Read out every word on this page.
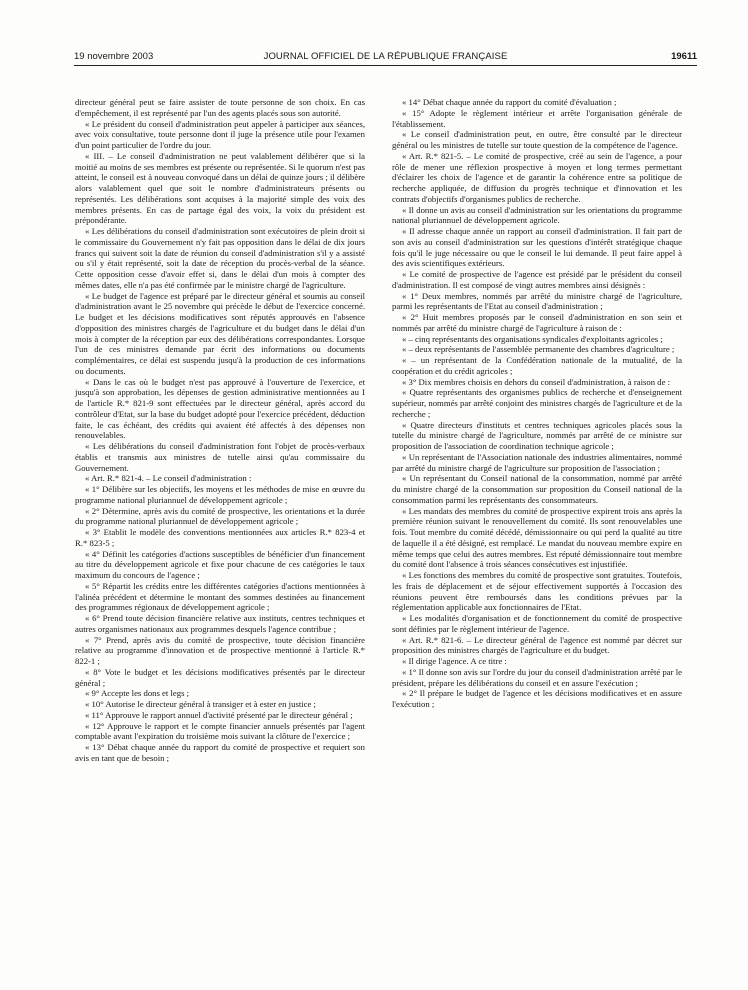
19 novembre 2003	JOURNAL OFFICIEL DE LA RÉPUBLIQUE FRANÇAISE	19611

directeur général peut se faire assister de toute personne de son choix. En cas d'empêchement, il est représenté par l'un des agents placés sous son autorité.

« Le président du conseil d'administration peut appeler à participer aux séances, avec voix consultative, toute personne dont il juge la présence utile pour l'examen d'un point particulier de l'ordre du jour.

« III. – Le conseil d'administration ne peut valablement délibérer que si la moitié au moins de ses membres est présente ou représentée. Si le quorum n'est pas atteint, le conseil est à nouveau convoqué dans un délai de quinze jours ; il délibère alors valablement quel que soit le nombre d'administrateurs présents ou représentés. Les délibérations sont acquises à la majorité simple des voix des membres présents. En cas de partage égal des voix, la voix du président est prépondérante.

« Les délibérations du conseil d'administration sont exécutoires de plein droit si le commissaire du Gouvernement n'y fait pas opposition dans le délai de dix jours francs qui suivent soit la date de réunion du conseil d'administration s'il y a assisté ou s'il y était représenté, soit la date de réception du procès-verbal de la séance. Cette opposition cesse d'avoir effet si, dans le délai d'un mois à compter des mêmes dates, elle n'a pas été confirmée par le ministre chargé de l'agriculture.

« Le budget de l'agence est préparé par le directeur général et soumis au conseil d'administration avant le 25 novembre qui précède le début de l'exercice concerné. Le budget et les décisions modificatives sont réputés approuvés en l'absence d'opposition des ministres chargés de l'agriculture et du budget dans le délai d'un mois à compter de la réception par eux des délibérations correspondantes. Lorsque l'un de ces ministres demande par écrit des informations ou documents complémentaires, ce délai est suspendu jusqu'à la production de ces informations ou documents.

« Dans le cas où le budget n'est pas approuvé à l'ouverture de l'exercice, et jusqu'à son approbation, les dépenses de gestion administrative mentionnées au I de l'article R.* 821-9 sont effectuées par le directeur général, après accord du contrôleur d'Etat, sur la base du budget adopté pour l'exercice précédent, déduction faite, le cas échéant, des crédits qui avaient été affectés à des dépenses non renouvelables.

« Les délibérations du conseil d'administration font l'objet de procès-verbaux établis et transmis aux ministres de tutelle ainsi qu'au commissaire du Gouvernement.

« Art. R.* 821-4. – Le conseil d'administration :

« 1° Délibère sur les objectifs, les moyens et les méthodes de mise en œuvre du programme national pluriannuel de développement agricole ;

« 2° Détermine, après avis du comité de prospective, les orientations et la durée du programme national pluriannuel de développement agricole ;

« 3° Etablit le modèle des conventions mentionnées aux articles R.* 823-4 et R.* 823-5 ;

« 4° Définit les catégories d'actions susceptibles de bénéficier d'un financement au titre du développement agricole et fixe pour chacune de ces catégories le taux maximum du concours de l'agence ;

« 5° Répartit les crédits entre les différentes catégories d'actions mentionnées à l'alinéa précédent et détermine le montant des sommes destinées au financement des programmes régionaux de développement agricole ;

« 6° Prend toute décision financière relative aux instituts, centres techniques et autres organismes nationaux aux programmes desquels l'agence contribue ;

« 7° Prend, après avis du comité de prospective, toute décision financière relative au programme d'innovation et de prospective mentionné à l'article R.* 822-1 ;

« 8° Vote le budget et les décisions modificatives présentés par le directeur général ;

« 9° Accepte les dons et legs ;

« 10° Autorise le directeur général à transiger et à ester en justice ;

« 11° Approuve le rapport annuel d'activité présenté par le directeur général ;

« 12° Approuve le rapport et le compte financier annuels présentés par l'agent comptable avant l'expiration du troisième mois suivant la clôture de l'exercice ;

« 13° Débat chaque année du rapport du comité de prospective et requiert son avis en tant que de besoin ;

« 14° Débat chaque année du rapport du comité d'évaluation ;

« 15° Adopte le règlement intérieur et arrête l'organisation générale de l'établissement.

« Le conseil d'administration peut, en outre, être consulté par le directeur général ou les ministres de tutelle sur toute question de la compétence de l'agence.

« Art. R.* 821-5. – Le comité de prospective, créé au sein de l'agence, a pour rôle de mener une réflexion prospective à moyen et long termes permettant d'éclairer les choix de l'agence et de garantir la cohérence entre sa politique de recherche appliquée, de diffusion du progrès technique et d'innovation et les contrats d'objectifs d'organismes publics de recherche.

« Il donne un avis au conseil d'administration sur les orientations du programme national pluriannuel de développement agricole.

« Il adresse chaque année un rapport au conseil d'administration. Il fait part de son avis au conseil d'administration sur les questions d'intérêt stratégique chaque fois qu'il le juge nécessaire ou que le conseil le lui demande. Il peut faire appel à des avis scientifiques extérieurs.

« Le comité de prospective de l'agence est présidé par le président du conseil d'administration. Il est composé de vingt autres membres ainsi désignés :

« 1° Deux membres, nommés par arrêté du ministre chargé de l'agriculture, parmi les représentants de l'Etat au conseil d'administration ;

« 2° Huit membres proposés par le conseil d'administration en son sein et nommés par arrêté du ministre chargé de l'agriculture à raison de :

« – cinq représentants des organisations syndicales d'exploitants agricoles ;

« – deux représentants de l'assemblée permanente des chambres d'agriculture ;

« – un représentant de la Confédération nationale de la mutualité, de la coopération et du crédit agricoles ;

« 3° Dix membres choisis en dehors du conseil d'administration, à raison de :

« Quatre représentants des organismes publics de recherche et d'enseignement supérieur, nommés par arrêté conjoint des ministres chargés de l'agriculture et de la recherche ;

« Quatre directeurs d'instituts et centres techniques agricoles placés sous la tutelle du ministre chargé de l'agriculture, nommés par arrêté de ce ministre sur proposition de l'association de coordination technique agricole ;

« Un représentant de l'Association nationale des industries alimentaires, nommé par arrêté du ministre chargé de l'agriculture sur proposition de l'association ;

« Un représentant du Conseil national de la consommation, nommé par arrêté du ministre chargé de la consommation sur proposition du Conseil national de la consommation parmi les représentants des consommateurs.

« Les mandats des membres du comité de prospective expirent trois ans après la première réunion suivant le renouvellement du comité. Ils sont renouvelables une fois. Tout membre du comité décédé, démissionnaire ou qui perd la qualité au titre de laquelle il a été désigné, est remplacé. Le mandat du nouveau membre expire en même temps que celui des autres membres. Est réputé démissionnaire tout membre du comité dont l'absence à trois séances consécutives est injustifiée.

« Les fonctions des membres du comité de prospective sont gratuites. Toutefois, les frais de déplacement et de séjour effectivement supportés à l'occasion des réunions peuvent être remboursés dans les conditions prévues par la réglementation applicable aux fonctionnaires de l'Etat.

« Les modalités d'organisation et de fonctionnement du comité de prospective sont définies par le règlement intérieur de l'agence.

« Art. R.* 821-6. – Le directeur général de l'agence est nommé par décret sur proposition des ministres chargés de l'agriculture et du budget.

« Il dirige l'agence. A ce titre :

« 1° Il donne son avis sur l'ordre du jour du conseil d'administration arrêté par le président, prépare les délibérations du conseil et en assure l'exécution ;

« 2° Il prépare le budget de l'agence et les décisions modificatives et en assure l'exécution ;
